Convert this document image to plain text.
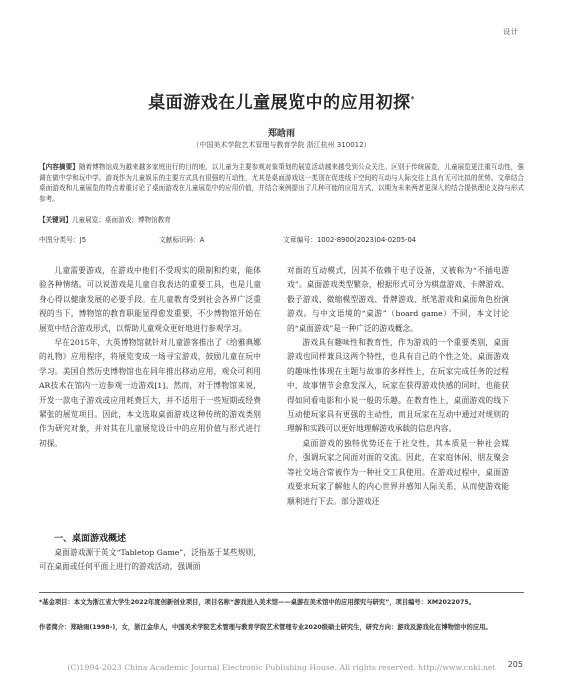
设计
桌面游戏在儿童展览中的应用初探*
郑晗雨
（中国美术学院艺术管理与教育学院 浙江杭州 310012）
【内容摘要】随着博物馆成为越来越多家庭出行的目的地，以儿童为主要参观对象策划的展览活动越来越受到公众关注。区别于传统展览，儿童展览更注重互动性，强调在做中学和玩中学。游戏作为儿童娱乐的主要方式具有很强的互动性，尤其是桌面游戏这一类别在促进线下空间的互动与人际交往上具有无可比拟的优势。文章结合桌面游戏和儿童展览的特点着重讨论了桌面游戏在儿童展览中的应用价值，并结合案例提出了几种可能的应用方式，以期为未来两者更深入的结合提供理论支持与形式参考。
【关键词】儿童展览；桌面游戏；博物馆教育
中图分类号：J5	文献标识码：A	文章编号：1002-8900(2023)04-0205-04

儿童需要游戏，在游戏中他们不受现实的限制和约束，能体验各种情绪。可以说游戏是儿童自我表达的重要工具，也是儿童身心得以健康发展的必要手段。在儿童教育受到社会各界广泛重视的当下，博物馆的教育职能显得愈发重要，不少博物馆开始在展览中结合游戏形式，以帮助儿童观众更好地进行参观学习。

早在2015年，大英博物馆就针对儿童游客推出了《给雅典娜的礼物》应用程序，将展览变成一场寻宝游戏，鼓励儿童在玩中学习。美国自然历史博物馆也在同年推出移动应用，观众可利用AR技术在馆内一边参观一边游戏[1]。然而，对于博物馆来说，开发一款电子游戏或应用耗费巨大，并不适用于一些短期或经费紧张的展览项目。因此，本文选取桌面游戏这种传统的游戏类别作为研究对象，并对其在儿童展览设计中的应用价值与形式进行初探。

一、桌面游戏概述

桌面游戏源于英文“Tabletop Game”，泛指基于某些规则，可在桌面或任何平面上进行的游戏活动，强调面

对面的互动模式，因其不依赖于电子设备，又被称为“不插电游戏”。桌面游戏类型繁杂，根据形式可分为棋盘游戏、卡牌游戏、骰子游戏、微缩模型游戏、骨牌游戏、纸笔游戏和桌面角色扮演游戏。与中文语境的“桌游”（board game）不同，本文讨论的“桌面游戏”是一种广泛的游戏概念。

游戏具有趣味性和教育性，作为游戏的一个重要类别，桌面游戏也同样兼具这两个特性，也具有自己的个性之处。桌面游戏的趣味性体现在主题与故事的多样性上，在玩家完成任务的过程中，故事情节会愈发深入，玩家在获得游戏快感的同时，也能获得如同看电影和小说一般的乐趣。在教育性上，桌面游戏的线下互动使玩家具有更强的主动性，而且玩家在互动中通过对规则的理解和实践可以更好地理解游戏承载的信息内容。

桌面游戏的独特优势还在于社交性，其本质是一种社会媒介，强调玩家之间面对面的交流。因此，在家庭休闲、朋友聚会等社交场合常被作为一种社交工具使用。在游戏过程中，桌面游戏要求玩家了解他人的内心世界并感知人际关系，从而使游戏能顺利进行下去。部分游戏还

*基金项目：本文为浙江省大学生2022年度创新创业项目，项目名称“游戏进入美术馆——桌游在美术馆中的应用探究与研究”，项目编号：XM2022075。
作者简介：郑晗雨(1998-)，女，浙江金华人，中国美术学院艺术管理与教育学院艺术管理专业2020级硕士研究生，研究方向：游戏及游戏化在博物馆中的应用。
205
(C)1994-2023 China Academic Journal Electronic Publishing House. All rights reserved. http://www.cnki.net
